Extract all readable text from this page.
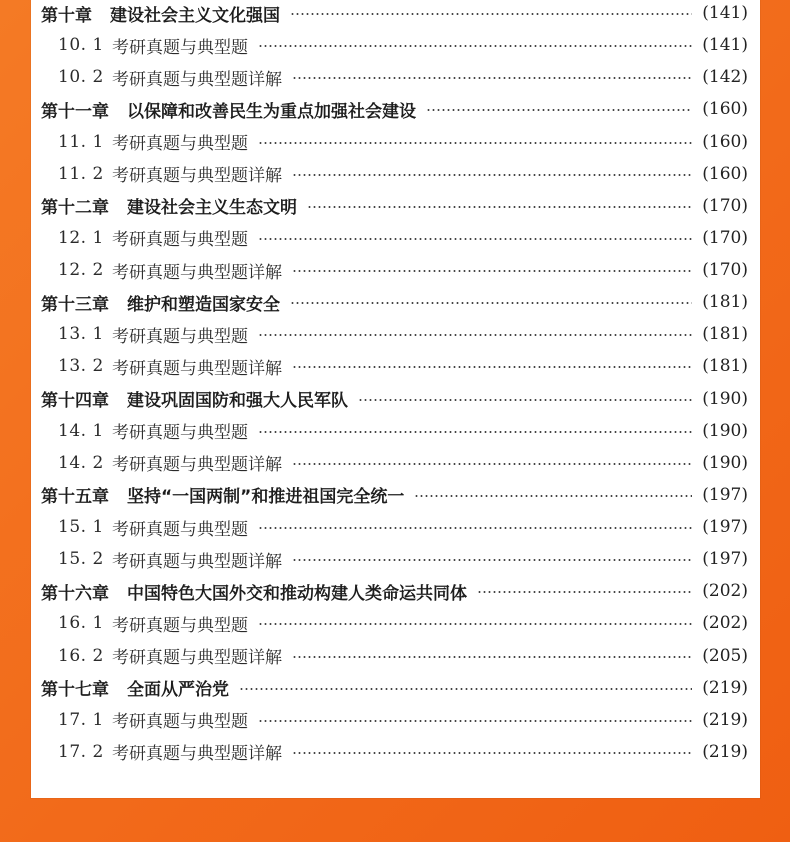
第十章 建设社会主义文化强国	(141)
10. 1 考研真题与典型题	(141)
10. 2 考研真题与典型题详解	(142)
第十一章 以保障和改善民生为重点加强社会建设	(160)
11. 1 考研真题与典型题	(160)
11. 2 考研真题与典型题详解	(160)
第十二章 建设社会主义生态文明	(170)
12. 1 考研真题与典型题	(170)
12. 2 考研真题与典型题详解	(170)
第十三章 维护和塑造国家安全	(181)
13. 1 考研真题与典型题	(181)
13. 2 考研真题与典型题详解	(181)
第十四章 建设巩固国防和强大人民军队	(190)
14. 1 考研真题与典型题	(190)
14. 2 考研真题与典型题详解	(190)
第十五章 坚持“一国两制”和推进祖国完全统一	(197)
15. 1 考研真题与典型题	(197)
15. 2 考研真题与典型题详解	(197)
第十六章 中国特色大国外交和推动构建人类命运共同体	(202)
16. 1 考研真题与典型题	(202)
16. 2 考研真题与典型题详解	(205)
第十七章 全面从严治党	(219)
17. 1 考研真题与典型题	(219)
17. 2 考研真题与典型题详解	(219)
